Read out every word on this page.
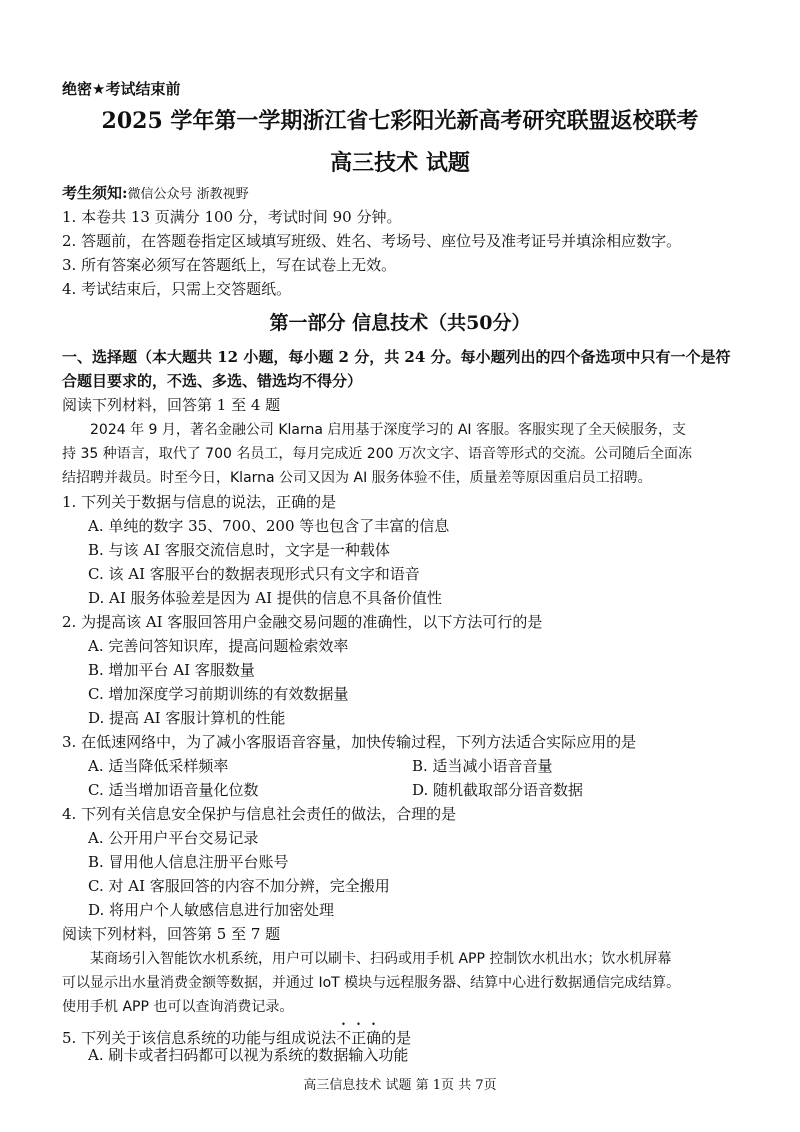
绝密★考试结束前
2025 学年第一学期浙江省七彩阳光新高考研究联盟返校联考
高三技术 试题
考生须知:微信公众号 浙教视野
1. 本卷共 13 页满分 100 分，考试时间 90 分钟。
2. 答题前，在答题卷指定区域填写班级、姓名、考场号、座位号及准考证号并填涂相应数字。
3. 所有答案必须写在答题纸上，写在试卷上无效。
4. 考试结束后，只需上交答题纸。
第一部分 信息技术（共50分）
一、选择题（本大题共 12 小题，每小题 2 分，共 24 分。每小题列出的四个备选项中只有一个是符
合题目要求的，不选、多选、错选均不得分）
阅读下列材料，回答第 1 至 4 题
2024 年 9 月，著名金融公司 Klarna 启用基于深度学习的 AI 客服。客服实现了全天候服务，支
持 35 种语言，取代了 700 名员工，每月完成近 200 万次文字、语音等形式的交流。公司随后全面冻
结招聘并裁员。时至今日，Klarna 公司又因为 AI 服务体验不佳，质量差等原因重启员工招聘。
1. 下列关于数据与信息的说法，正确的是
A. 单纯的数字 35、700、200 等也包含了丰富的信息
B. 与该 AI 客服交流信息时，文字是一种载体
C. 该 AI 客服平台的数据表现形式只有文字和语音
D. AI 服务体验差是因为 AI 提供的信息不具备价值性
2. 为提高该 AI 客服回答用户金融交易问题的准确性，以下方法可行的是
A. 完善问答知识库，提高问题检索效率
B. 增加平台 AI 客服数量
C. 增加深度学习前期训练的有效数据量
D. 提高 AI 客服计算机的性能
3. 在低速网络中，为了减小客服语音容量，加快传输过程，下列方法适合实际应用的是
A. 适当降低采样频率	B. 适当减小语音音量
C. 适当增加语音量化位数	D. 随机截取部分语音数据
4. 下列有关信息安全保护与信息社会责任的做法，合理的是
A. 公开用户平台交易记录
B. 冒用他人信息注册平台账号
C. 对 AI 客服回答的内容不加分辨，完全搬用
D. 将用户个人敏感信息进行加密处理
阅读下列材料，回答第 5 至 7 题
某商场引入智能饮水机系统，用户可以刷卡、扫码或用手机 APP 控制饮水机出水；饮水机屏幕
可以显示出水量消费金额等数据，并通过 IoT 模块与远程服务器、结算中心进行数据通信完成结算。
使用手机 APP 也可以查询消费记录。
5. 下列关于该信息系统的功能与组成说法不正确的是
A. 刷卡或者扫码都可以视为系统的数据输入功能
高三信息技术 试题 第 1页 共 7页
